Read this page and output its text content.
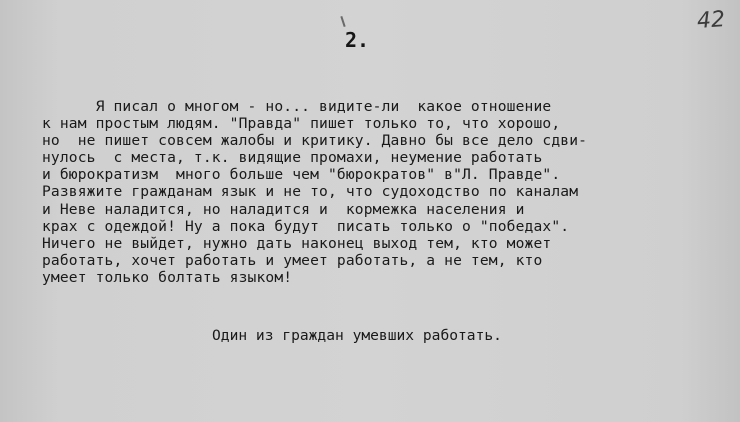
2.
42
Я писал о многом - но... видите-ли  какое отношение
к нам простым людям. "Правда" пишет только то, что хорошо,
но  не пишет совсем жалобы и критику. Давно бы все дело сдви-
нулось  с места, т.к. видящие промахи, неумение работать
и бюрократизм  много больше чем "бюрократов" в"Л. Правде".
Развяжите гражданам язык и не то, что судоходство по каналам
и Неве наладится, но наладится и  кормежка населения и
крах с одеждой! Ну а пока будут  писать только о "победах".
Ничего не выйдет, нужно дать наконец выход тем, кто может
работать, хочет работать и умеет работать, а не тем, кто
умеет только болтать языком!
Один из граждан умевших работать.
